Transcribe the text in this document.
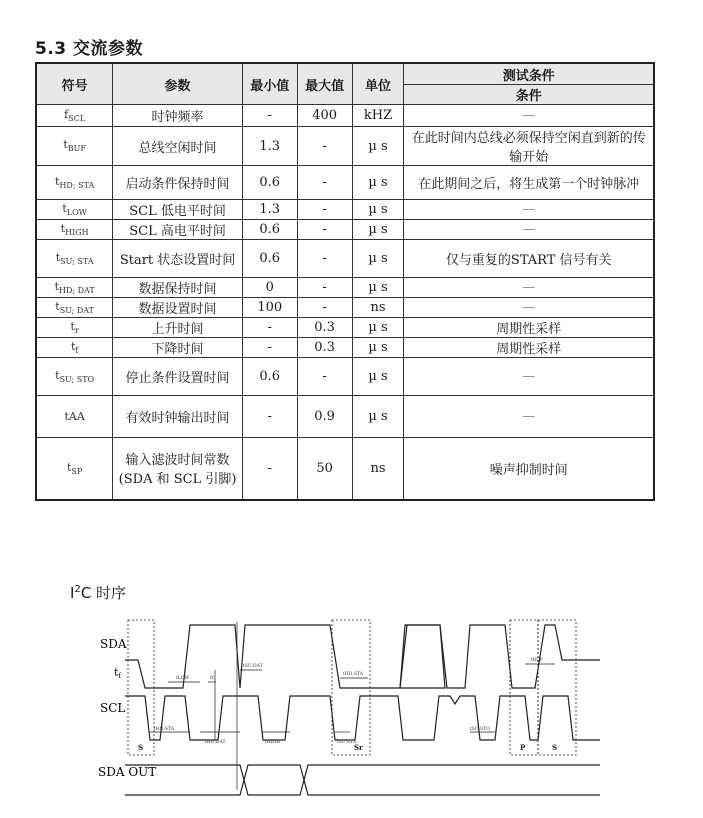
5.3 交流参数
符号	参数	最小值	最大值	单位	测试条件
					条件
$f_{SCL}$	时钟频率	-	400	kHZ	—
$t_{BUF}$	总线空闲时间	1.3	-	µ s	在此时间内总线必须保持空闲直到新的传输开始
$t_{HD; STA}$	启动条件保持时间	0.6	-	µ s	在此期间之后，将生成第一个时钟脉冲
$t_{LOW}$	SCL 低电平时间	1.3	-	µ s	—
$t_{HIGH}$	SCL 高电平时间	0.6	-	µ s	—
$t_{SU; STA}$	Start 状态设置时间	0.6	-	µ s	仅与重复的START 信号有关
$t_{HD; DAT}$	数据保持时间	0	-	µ s	—
$t_{SU; DAT}$	数据设置时间	100	-	ns	—
$t_r$	上升时间	-	0.3	µ s	周期性采样
$t_f$	下降时间	-	0.3	µ s	周期性采样
$t_{SU; STO}$	停止条件设置时间	0.6	-	µ s	—
tAA	有效时钟输出时间	-	0.9	µ s	—
$t_{SP}$	输入滤波时间常数 (SDA 和 SCL 引脚)	-	50	ns	噪声抑制时间
$I^2C$ 时序
SDA
SCL
SDA OUT
tf	tLOW	tr
tSU;DAT
tHD;STA
tHD;DAT	tHIGH	tSU;STA
tHD;STA
tSU;STO
tBUF
S	Sr	P	S
